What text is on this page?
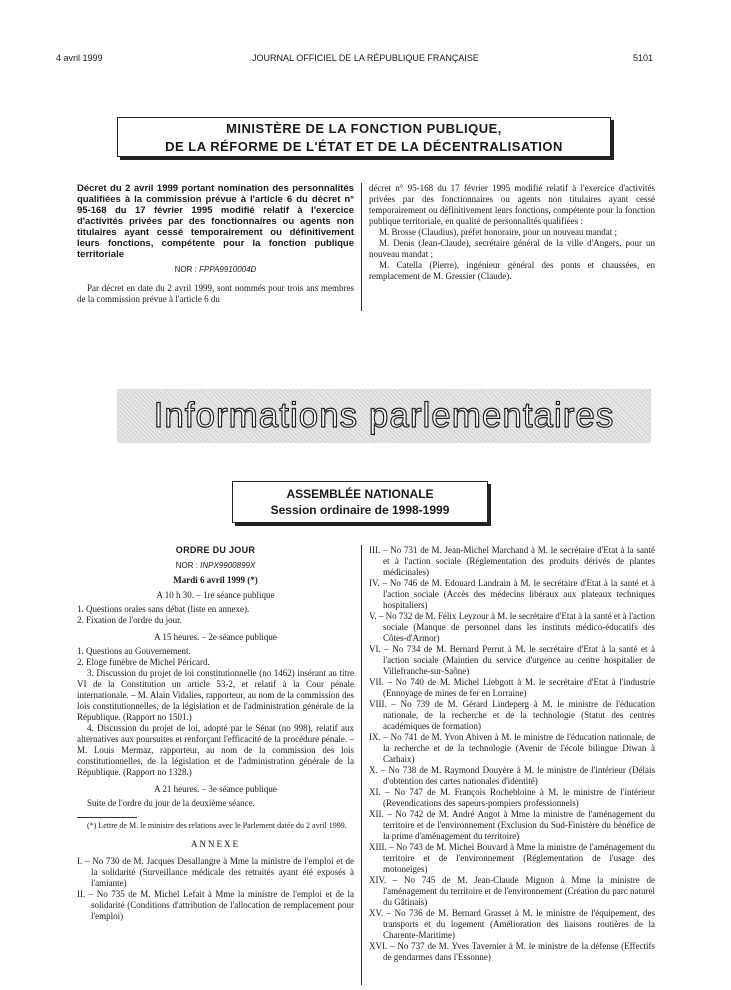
4 avril 1999	JOURNAL OFFICIEL DE LA RÉPUBLIQUE FRANÇAISE	5101
MINISTÈRE DE LA FONCTION PUBLIQUE,
DE LA RÉFORME DE L'ÉTAT ET DE LA DÉCENTRALISATION
Décret du 2 avril 1999 portant nomination des personnalités qualifiées à la commission prévue à l'article 6 du décret n° 95-168 du 17 février 1995 modifié relatif à l'exercice d'activités privées par des fonctionnaires ou agents non titulaires ayant cessé temporairement ou définitivement leurs fonctions, compétente pour la fonction publique territoriale
NOR : FPPA9910004D

Par décret en date du 2 avril 1999, sont nommés pour trois ans membres de la commission prévue à l'article 6 du

décret n° 95-168 du 17 février 1995 modifié relatif à l'exercice d'activités privées par des fonctionnaires ou agents non titulaires ayant cessé temporairement ou définitivement leurs fonctions, compétente pour la fonction publique territoriale, en qualité de personnalités qualifiées :

M. Brosse (Claudius), préfet honoraire, pour un nouveau mandat ;

M. Denis (Jean-Claude), secrétaire général de la ville d'Angers, pour un nouveau mandat ;

M. Catella (Pierre), ingénieur général des ponts et chaussées, en remplacement de M. Gressier (Claude).

Informations parlementaires
ASSEMBLÉE NATIONALE
Session ordinaire de 1998-1999

ORDRE DU JOUR

NOR : INPX9900899X

Mardi 6 avril 1999 (*)

A 10 h 30. – 1re séance publique

1. Questions orales sans débat (liste en annexe).

2. Fixation de l'ordre du jour.

A 15 heures. – 2e séance publique

1. Questions au Gouvernement.

2. Eloge funèbre de Michel Péricard.

3. Discussion du projet de loi constitutionnelle (no 1462) insérant au titre VI de la Constitution un article 53-2, et relatif à la Cour pénale internationale. – M. Alain Vidalies, rapporteur, au nom de la commission des lois constitutionnelles, de la législation et de l'administration générale de la République. (Rapport no 1501.)

4. Discussion du projet de loi, adopté par le Sénat (no 998), relatif aux alternatives aux poursuites et renforçant l'efficacité de la procédure pénale. – M. Louis Mermaz, rapporteur, au nom de la commission des lois constitutionnelles, de la législation et de l'administration générale de la République. (Rapport no 1328.)

A 21 heures. – 3e séance publique

Suite de l'ordre du jour de la deuxième séance.

(*) Lettre de M. le ministre des relations avec le Parlement datée du 2 avril 1999.

ANNEXE

I. – No 730 de M. Jacques Desallangre à Mme la ministre de l'emploi et de la solidarité (Surveillance médicale des retraités ayant été exposés à l'amiante)

II. – No 735 de M. Michel Lefait à Mme la ministre de l'emploi et de la solidarité (Conditions d'attribution de l'allocation de remplacement pour l'emploi)

III. – No 731 de M. Jean-Michel Marchand à M. le secrétaire d'Etat à la santé et à l'action sociale (Réglementation des produits dérivés de plantes médicinales)

IV. – No 746 de M. Edouard Landrain à M. le secrétaire d'Etat à la santé et à l'action sociale (Accès des médecins libéraux aux plateaux techniques hospitaliers)

V. – No 732 de M. Félix Leyzour à M. le secrétaire d'Etat à la santé et à l'action sociale (Manque de personnel dans les instituts médico-éducatifs des Côtes-d'Armor)

VI. – No 734 de M. Bernard Perrut à M. le secrétaire d'Etat à la santé et à l'action sociale (Maintien du service d'urgence au centre hospitalier de Villefranche-sur-Saône)

VII. – No 740 de M. Michel Liebgott à M. le secrétaire d'Etat à l'industrie (Ennoyage de mines de fer en Lorraine)

VIII. – No 739 de M. Gérard Lindeperg à M. le ministre de l'éducation nationale, de la recherche et de la technologie (Statut des centres académiques de formation)

IX. – No 741 de M. Yvon Abiven à M. le ministre de l'éducation nationale, de la recherche et de la technologie (Avenir de l'école bilingue Diwan à Carhaix)

X. – No 738 de M. Raymond Douyère à M. le ministre de l'intérieur (Délais d'obtention des cartes nationales d'identité)

XI. – No 747 de M. François Rochebloine à M. le ministre de l'intérieur (Revendications des sapeurs-pompiers professionnels)

XII. – No 742 de M. André Angot à Mme la ministre de l'aménagement du territoire et de l'environnement (Exclusion du Sud-Finistère du bénéfice de la prime d'aménagement du territoire)

XIII. – No 743 de M. Michel Bouvard à Mme la ministre de l'aménagement du territoire et de l'environnement (Réglementation de l'usage des motoneiges)

XIV. – No 745 de M. Jean-Claude Mignon à Mme la ministre de l'aménagement du territoire et de l'environnement (Création du parc naturel du Gâtinais)

XV. – No 736 de M. Bernard Grasset à M. le ministre de l'équipement, des transports et du logement (Amélioration des liaisons routières de la Charente-Maritime)

XVI. – No 737 de M. Yves Tavernier à M. le ministre de la défense (Effectifs de gendarmes dans l'Essonne)
